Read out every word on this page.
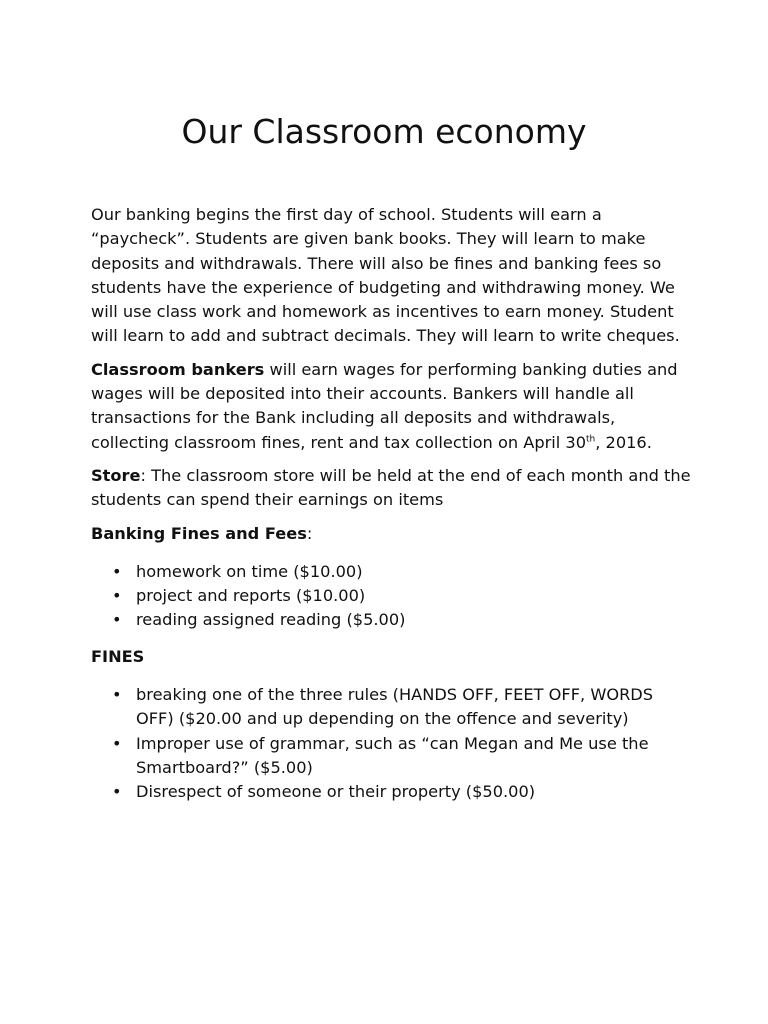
Our Classroom economy

Our banking begins the first day of school. Students will earn a “paycheck”. Students are given bank books. They will learn to make deposits and withdrawals. There will also be fines and banking fees so students have the experience of budgeting and withdrawing money. We will use class work and homework as incentives to earn money. Student will learn to add and subtract decimals. They will learn to write cheques.

Classroom bankers will earn wages for performing banking duties and wages will be deposited into their accounts. Bankers will handle all transactions for the Bank including all deposits and withdrawals, collecting classroom fines, rent and tax collection on April 30th, 2016.

Store: The classroom store will be held at the end of each month and the students can spend their earnings on items

Banking Fines and Fees:

• homework on time ($10.00)
• project and reports ($10.00)
• reading assigned reading ($5.00)

FINES

• breaking one of the three rules (HANDS OFF, FEET OFF, WORDS OFF) ($20.00 and up depending on the offence and severity)
• Improper use of grammar, such as “can Megan and Me use the Smartboard?” ($5.00)
• Disrespect of someone or their property ($50.00)
